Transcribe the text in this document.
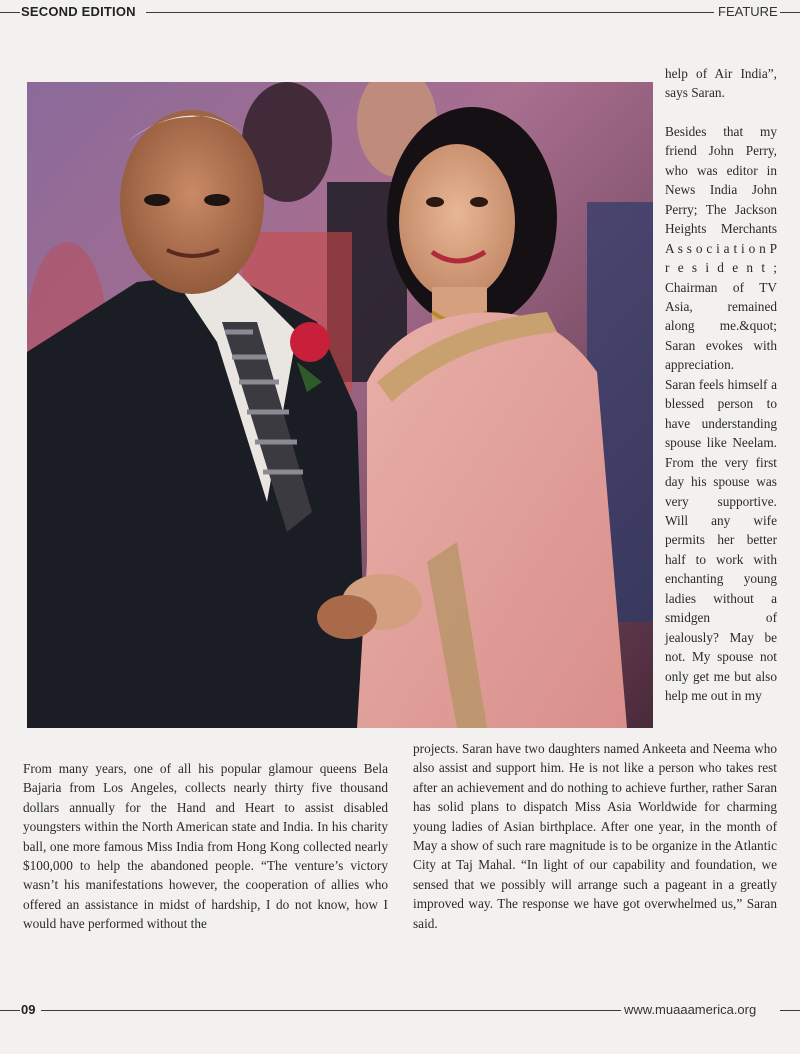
SECOND EDITION	FEATURE

help of Air India”, says Saran.

Besides that my friend John Perry, who was editor in News India John Perry; The Jackson Heights Merchants A s s o c i a t i o n P r e s i d e n t ; Chairman of TV Asia, remained along me.&quot; Saran evokes with appreciation.

Saran feels himself a blessed person to have understanding spouse like Neelam. From the very first day his spouse was very supportive. Will any wife permits her better half to work with enchanting young ladies without a smidgen of jealously? May be not. My spouse not only get me but also help me out in my

From many years, one of all his popular glamour queens Bela Bajaria from Los Angeles, collects nearly thirty five thousand dollars annually for the Hand and Heart to assist disabled youngsters within the North American state and India. In his charity ball, one more famous Miss India from Hong Kong collected nearly $100,000 to help the abandoned people. “The venture’s victory wasn’t his manifestations however, the cooperation of allies who offered an assistance in midst of hardship, I do not know, how I would have performed without the

projects. Saran have two daughters named Ankeeta and Neema who also assist and support him. He is not like a person who takes rest after an achievement and do nothing to achieve further, rather Saran has solid plans to dispatch Miss Asia Worldwide for charming young ladies of Asian birthplace. After one year, in the month of May a show of such rare magnitude is to be organize in the Atlantic City at Taj Mahal. “In light of our capability and foundation, we sensed that we possibly will arrange such a pageant in a greatly improved way. The response we have got overwhelmed us,” Saran said.

09	www.muaaamerica.org
